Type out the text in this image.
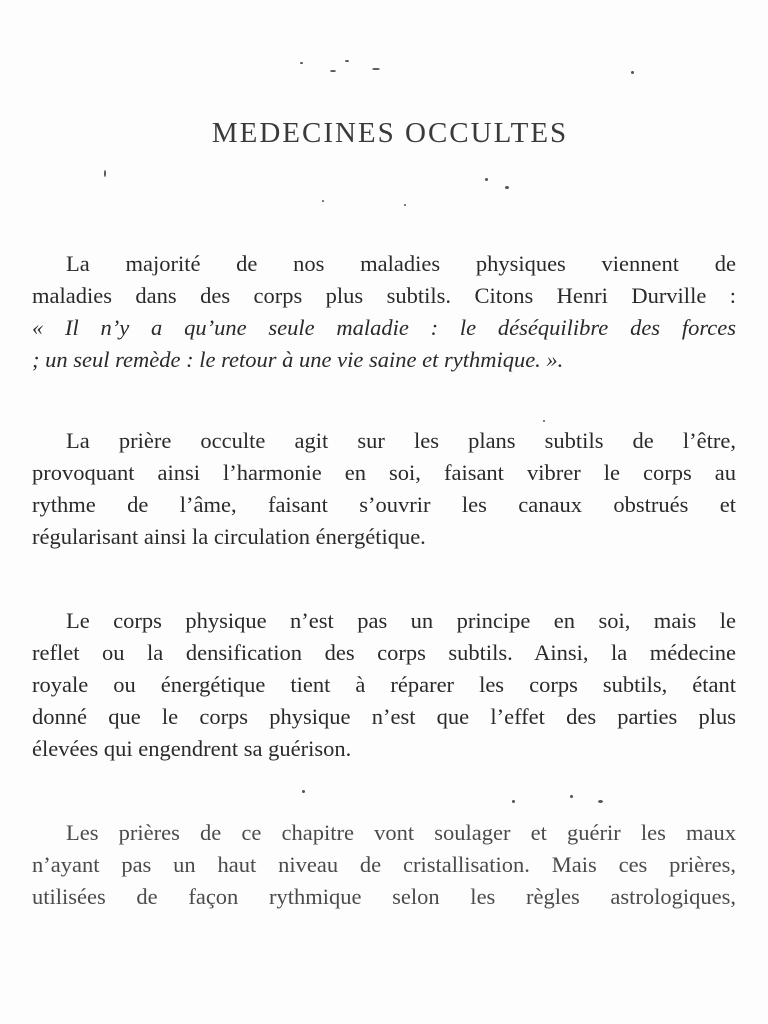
MEDECINES OCCULTES
La majorité de nos maladies physiques viennent de
maladies dans des corps plus subtils. Citons Henri Durville :
« Il n’y a qu’une seule maladie : le déséquilibre des forces
; un seul remède : le retour à une vie saine et rythmique. ».
La prière occulte agit sur les plans subtils de l’être,
provoquant ainsi l’harmonie en soi, faisant vibrer le corps au
rythme de l’âme, faisant s’ouvrir les canaux obstrués et
régularisant ainsi la circulation énergétique.
Le corps physique n’est pas un principe en soi, mais le
reflet ou la densification des corps subtils. Ainsi, la médecine
royale ou énergétique tient à réparer les corps subtils, étant
donné que le corps physique n’est que l’effet des parties plus
élevées qui engendrent sa guérison.
Les prières de ce chapitre vont soulager et guérir les maux
n’ayant pas un haut niveau de cristallisation. Mais ces prières,
utilisées de façon rythmique selon les règles astrologiques,
